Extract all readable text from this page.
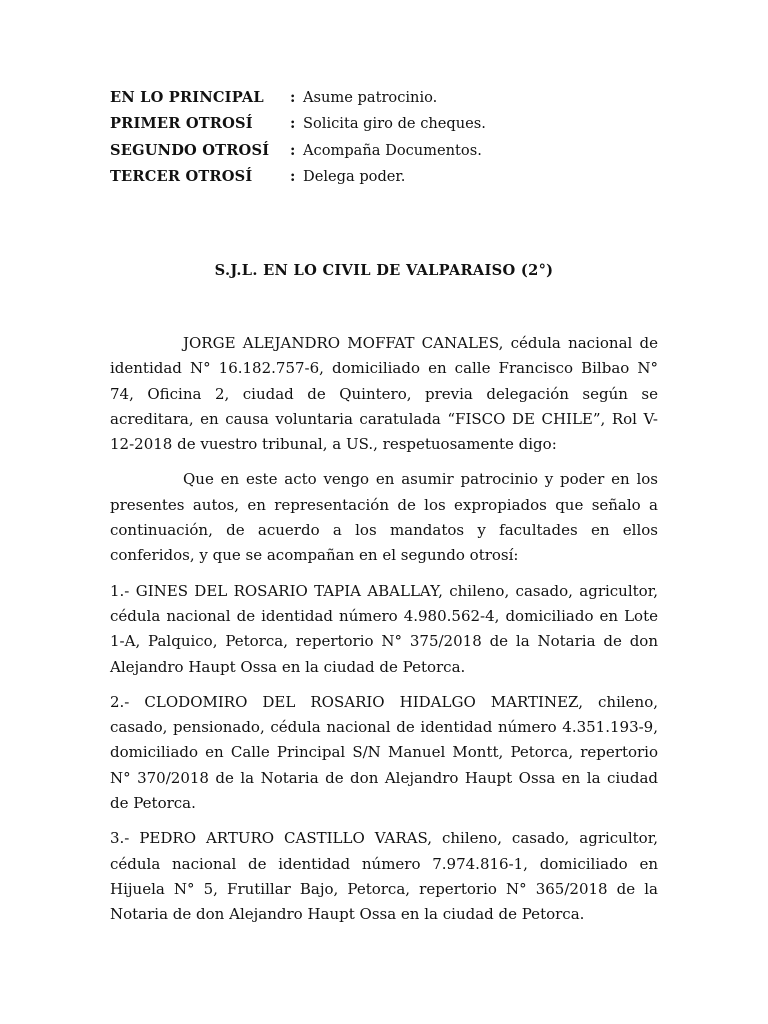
EN LO PRINCIPAL	: Asume patrocinio.
PRIMER OTROSÍ	: Solicita giro de cheques.
SEGUNDO OTROSÍ	: Acompaña Documentos.
TERCER OTROSÍ	: Delega poder.
S.J.L. EN LO CIVIL DE VALPARAISO (2°)

JORGE ALEJANDRO MOFFAT CANALES, cédula nacional de identidad N° 16.182.757-6, domiciliado en calle Francisco Bilbao N° 74, Oficina 2, ciudad de Quintero, previa delegación según se acreditara, en causa voluntaria caratulada “FISCO DE CHILE”, Rol V-12-2018 de vuestro tribunal, a US., respetuosamente digo:

Que en este acto vengo en asumir patrocinio y poder en los presentes autos, en representación de los expropiados que señalo a continuación, de acuerdo a los mandatos y facultades en ellos conferidos, y que se acompañan en el segundo otrosí:

1.- GINES DEL ROSARIO TAPIA ABALLAY, chileno, casado, agricultor, cédula nacional de identidad número 4.980.562-4, domiciliado en Lote 1-A, Palquico, Petorca, repertorio N° 375/2018 de la Notaria de don Alejandro Haupt Ossa en la ciudad de Petorca.

2.- CLODOMIRO DEL ROSARIO HIDALGO MARTINEZ, chileno, casado, pensionado, cédula nacional de identidad número 4.351.193-9, domiciliado en Calle Principal S/N Manuel Montt, Petorca, repertorio N° 370/2018 de la Notaria de don Alejandro Haupt Ossa en la ciudad de Petorca.

3.- PEDRO ARTURO CASTILLO VARAS, chileno, casado, agricultor, cédula nacional de identidad número 7.974.816-1, domiciliado en Hijuela N° 5, Frutillar Bajo, Petorca, repertorio N° 365/2018 de la Notaria de don Alejandro Haupt Ossa en la ciudad de Petorca.
